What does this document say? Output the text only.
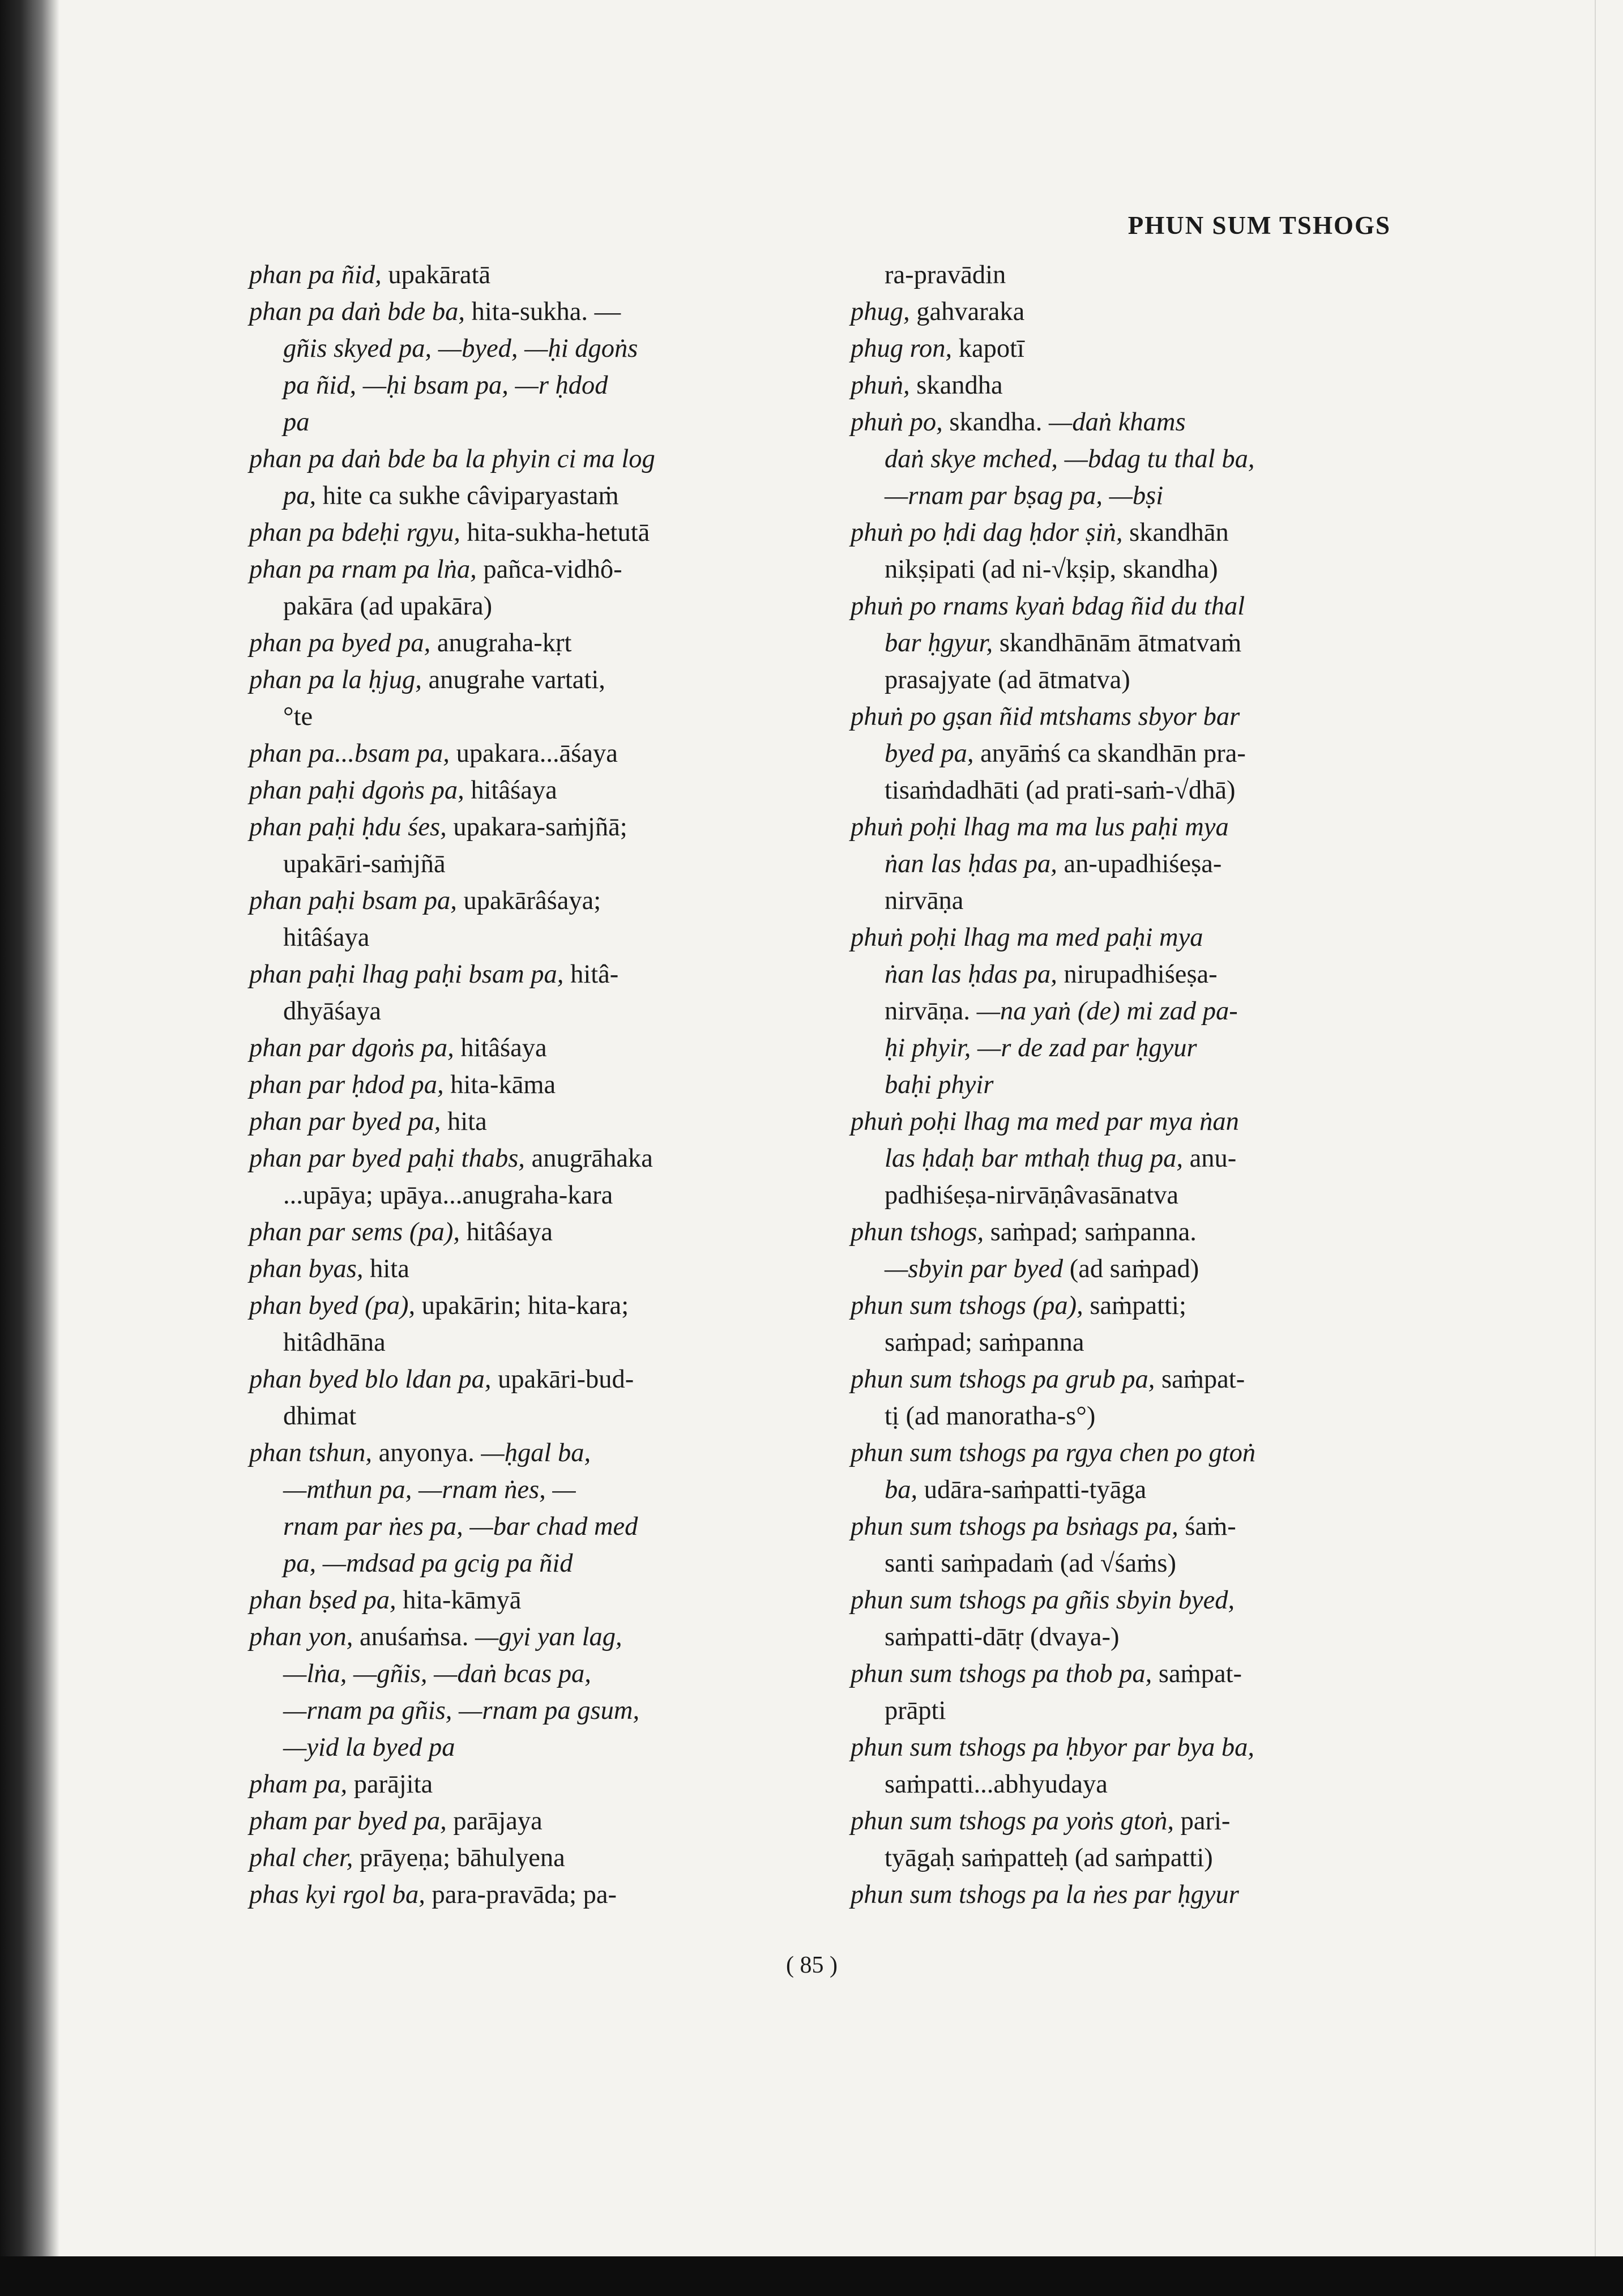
PHUN SUM TSHOGS
phan pa ñid, upakāratā
phan pa daṅ bde ba, hita-sukha. —
gñis skyed pa, —byed, —ḥi dgoṅs
pa ñid, —ḥi bsam pa, —r ḥdod
pa
phan pa daṅ bde ba la phyin ci ma log
pa, hite ca sukhe câviparyastaṁ
phan pa bdeḥi rgyu, hita-sukha-hetutā
phan pa rnam pa lṅa, pañca-vidhô-
pakāra (ad upakāra)
phan pa byed pa, anugraha-kṛt
phan pa la ḥjug, anugrahe vartati,
°te
phan pa...bsam pa, upakara...āśaya
phan paḥi dgoṅs pa, hitâśaya
phan paḥi ḥdu śes, upakara-saṁjñā;
upakāri-saṁjñā
phan paḥi bsam pa, upakārâśaya;
hitâśaya
phan paḥi lhag paḥi bsam pa, hitâ-
dhyāśaya
phan par dgoṅs pa, hitâśaya
phan par ḥdod pa, hita-kāma
phan par byed pa, hita
phan par byed paḥi thabs, anugrāhaka
...upāya; upāya...anugraha-kara
phan par sems (pa), hitâśaya
phan byas, hita
phan byed (pa), upakārin; hita-kara;
hitâdhāna
phan byed blo ldan pa, upakāri-bud-
dhimat
phan tshun, anyonya. —ḥgal ba,
—mthun pa, —rnam ṅes, —
rnam par ṅes pa, —bar chad med
pa, —mdsad pa gcig pa ñid
phan bṣed pa, hita-kāmyā
phan yon, anuśaṁsa. —gyi yan lag,
—lṅa, —gñis, —daṅ bcas pa,
—rnam pa gñis, —rnam pa gsum,
—yid la byed pa
pham pa, parājita
pham par byed pa, parājaya
phal cher, prāyeṇa; bāhulyena
phas kyi rgol ba, para-pravāda; pa-
ra-pravādin
phug, gahvaraka
phug ron, kapotī
phuṅ, skandha
phuṅ po, skandha. —daṅ khams
daṅ skye mched, —bdag tu thal ba,
—rnam par bṣag pa, —bṣi
phuṅ po ḥdi dag ḥdor ṣiṅ, skandhān
nikṣipati (ad ni-√kṣip, skandha)
phuṅ po rnams kyaṅ bdag ñid du thal
bar ḥgyur, skandhānām ātmatvaṁ
prasajyate (ad ātmatva)
phuṅ po gṣan ñid mtshams sbyor bar
byed pa, anyāṁś ca skandhān pra-
tisaṁdadhāti (ad prati-saṁ-√dhā)
phuṅ poḥi lhag ma ma lus paḥi mya
ṅan las ḥdas pa, an-upadhiśeṣa-
nirvāṇa
phuṅ poḥi lhag ma med paḥi mya
ṅan las ḥdas pa, nirupadhiśeṣa-
nirvāṇa. —na yaṅ (de) mi zad pa-
ḥi phyir, —r de zad par ḥgyur
baḥi phyir
phuṅ poḥi lhag ma med par mya ṅan
las ḥdaḥ bar mthaḥ thug pa, anu-
padhiśeṣa-nirvāṇâvasānatva
phun tshogs, saṁpad; saṁpanna.
—sbyin par byed (ad saṁpad)
phun sum tshogs (pa), saṁpatti;
saṁpad; saṁpanna
phun sum tshogs pa grub pa, saṁpat-
tị (ad manoratha-s°)
phun sum tshogs pa rgya chen po gtoṅ
ba, udāra-saṁpatti-tyāga
phun sum tshogs pa bsṅags pa, śaṁ-
santi saṁpadaṁ (ad √śaṁs)
phun sum tshogs pa gñis sbyin byed,
saṁpatti-dātṛ (dvaya-)
phun sum tshogs pa thob pa, saṁpat-
prāpti
phun sum tshogs pa ḥbyor par bya ba,
saṁpatti...abhyudaya
phun sum tshogs pa yoṅs gtoṅ, pari-
tyāgaḥ saṁpatteḥ (ad saṁpatti)
phun sum tshogs pa la ṅes par ḥgyur
( 85 )
